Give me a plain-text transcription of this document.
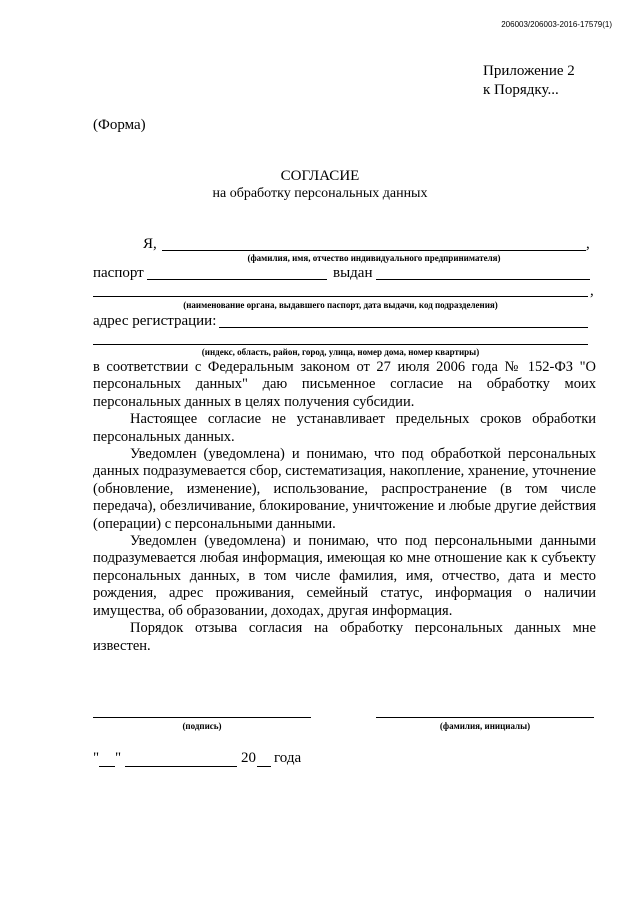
206003/206003-2016-17579(1)
Приложение 2
к Порядку...
(Форма)
СОГЛАСИЕ
на обработку персональных данных
Я,	,
(фамилия, имя, отчество индивидуального предпринимателя)
паспорт	выдан
,
(наименование органа, выдавшего паспорт, дата выдачи, код подразделения)
адрес регистрации:
(индекс, область, район, город, улица, номер дома, номер квартиры)

в соответствии с Федеральным законом от 27 июля 2006 года № 152-ФЗ "О персональных данных" даю письменное согласие на обработку моих персональных данных в целях получения субсидии.

Настоящее согласие не устанавливает предельных сроков обработки персональных данных.

Уведомлен (уведомлена) и понимаю, что под обработкой персональных данных подразумевается сбор, систематизация, накопление, хранение, уточнение (обновление, изменение), использование, распространение (в том числе передача), обезличивание, блокирование, уничтожение и любые другие действия (операции) с персональными данными.

Уведомлен (уведомлена) и понимаю, что под персональными данными подразумевается любая информация, имеющая ко мне отношение как к субъекту персональных данных, в том числе фамилия, имя, отчество, дата и место рождения, адрес проживания, семейный статус, информация о наличии имущества, об образовании, доходах, другая информация.

Порядок отзыва согласия на обработку персональных данных мне известен.

(подпись)	(фамилия, инициалы)
" "	20 года
